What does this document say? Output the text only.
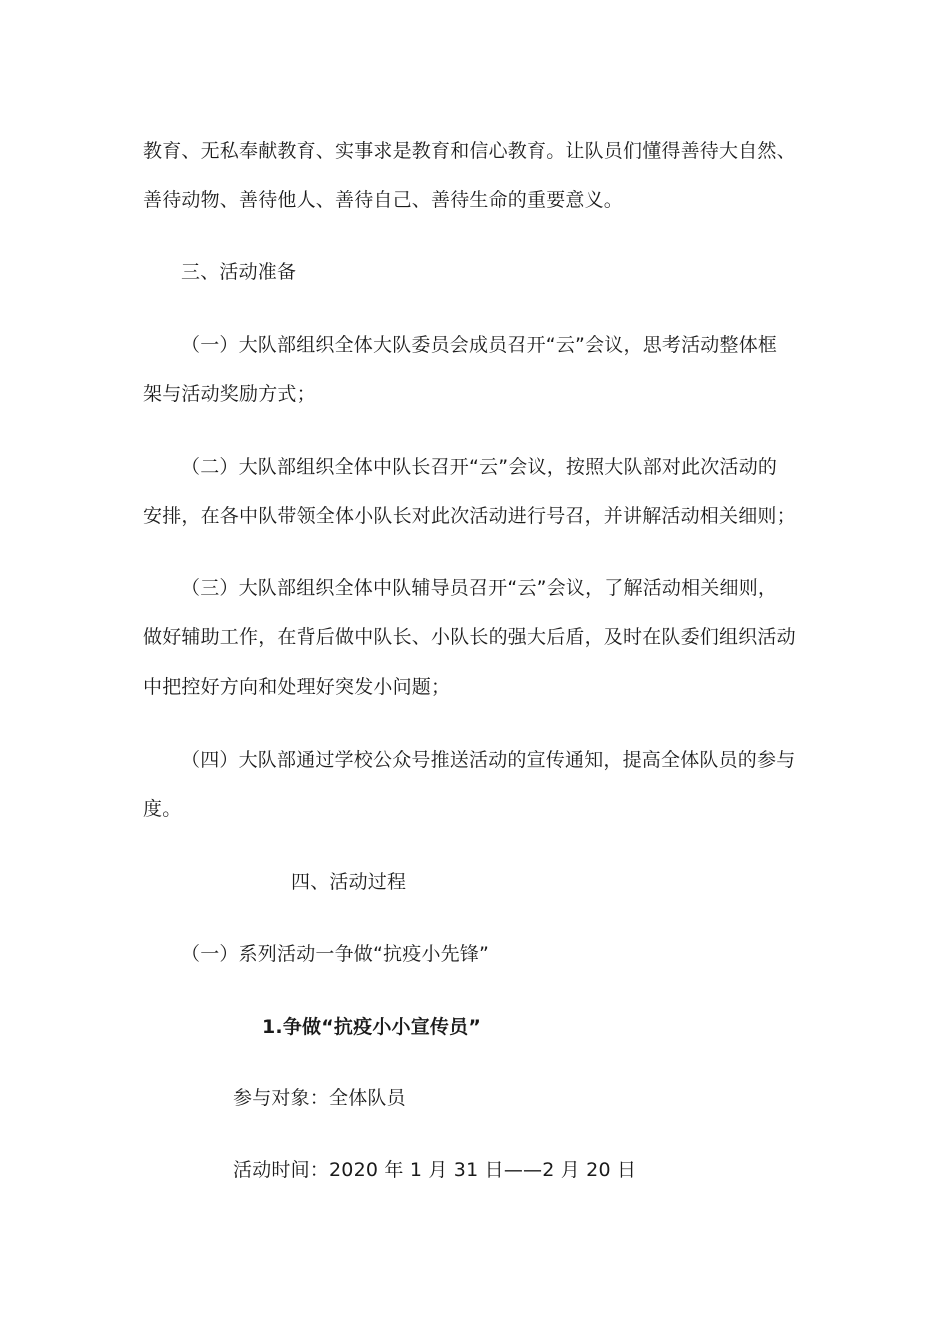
教育、无私奉献教育、实事求是教育和信心教育。让队员们懂得善待大自然、
善待动物、善待他人、善待自己、善待生命的重要意义。
三、活动准备
（一）大队部组织全体大队委员会成员召开“云”会议，思考活动整体框
架与活动奖励方式；
（二）大队部组织全体中队长召开“云”会议，按照大队部对此次活动的
安排，在各中队带领全体小队长对此次活动进行号召，并讲解活动相关细则；
（三）大队部组织全体中队辅导员召开“云”会议，了解活动相关细则，
做好辅助工作，在背后做中队长、小队长的强大后盾，及时在队委们组织活动
中把控好方向和处理好突发小问题；
（四）大队部通过学校公众号推送活动的宣传通知，提高全体队员的参与
度。
四、活动过程
（一）系列活动一争做“抗疫小先锋”
1.争做“抗疫小小宣传员”
参与对象：全体队员
活动时间：2020 年 1 月 31 日——2 月 20 日
